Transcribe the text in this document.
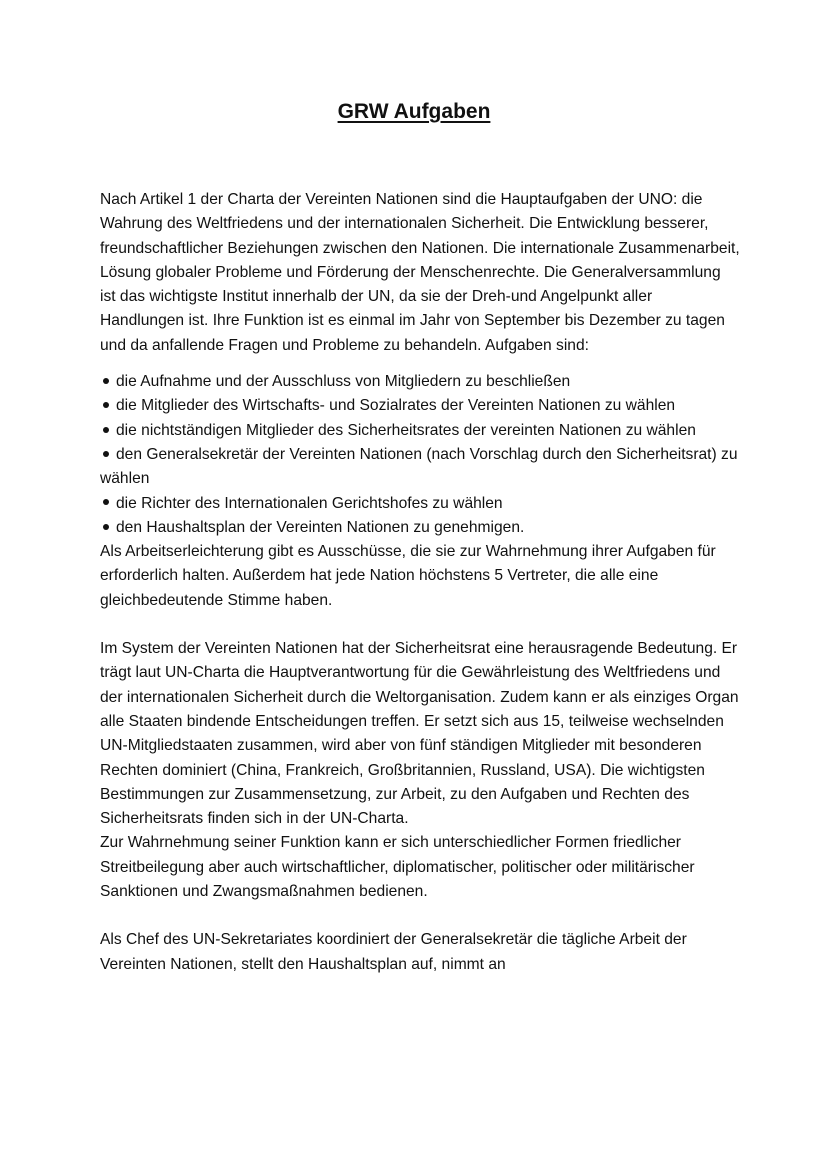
GRW Aufgaben

Nach Artikel 1 der Charta der Vereinten Nationen sind die Hauptaufgaben der UNO: die Wahrung des Weltfriedens und der internationalen Sicherheit. Die Entwicklung besserer, freundschaftlicher Beziehungen zwischen den Nationen. Die internationale Zusammenarbeit, Lösung globaler Probleme und Förderung der Menschenrechte. Die Generalversammlung ist das wichtigste Institut innerhalb der UN, da sie der Dreh-und Angelpunkt aller Handlungen ist. Ihre Funktion ist es einmal im Jahr von September bis Dezember zu tagen und da anfallende Fragen und Probleme zu behandeln. Aufgaben sind:

die Aufnahme und der Ausschluss von Mitgliedern zu beschließen
die Mitglieder des Wirtschafts- und Sozialrates der Vereinten Nationen zu wählen
die nichtständigen Mitglieder des Sicherheitsrates der vereinten Nationen zu wählen
den Generalsekretär der Vereinten Nationen (nach Vorschlag durch den Sicherheitsrat) zu wählen
die Richter des Internationalen Gerichtshofes zu wählen
den Haushaltsplan der Vereinten Nationen zu genehmigen.

Als Arbeitserleichterung gibt es Ausschüsse, die sie zur Wahrnehmung ihrer Aufgaben für erforderlich halten. Außerdem hat jede Nation höchstens 5 Vertreter, die alle eine gleichbedeutende Stimme haben.

Im System der Vereinten Nationen hat der Sicherheitsrat eine herausragende Bedeutung. Er trägt laut UN-Charta die Hauptverantwortung für die Gewährleistung des Weltfriedens und der internationalen Sicherheit durch die Weltorganisation. Zudem kann er als einziges Organ alle Staaten bindende Entscheidungen treffen. Er setzt sich aus 15, teilweise wechselnden UN-Mitgliedstaaten zusammen, wird aber von fünf ständigen Mitglieder mit besonderen Rechten dominiert (China, Frankreich, Großbritannien, Russland, USA). Die wichtigsten Bestimmungen zur Zusammensetzung, zur Arbeit, zu den Aufgaben und Rechten des Sicherheitsrats finden sich in der UN-Charta.

Zur Wahrnehmung seiner Funktion kann er sich unterschiedlicher Formen friedlicher Streitbeilegung aber auch wirtschaftlicher, diplomatischer, politischer oder militärischer Sanktionen und Zwangsmaßnahmen bedienen.

Als Chef des UN-Sekretariates koordiniert der Generalsekretär die tägliche Arbeit der Vereinten Nationen, stellt den Haushaltsplan auf, nimmt an
